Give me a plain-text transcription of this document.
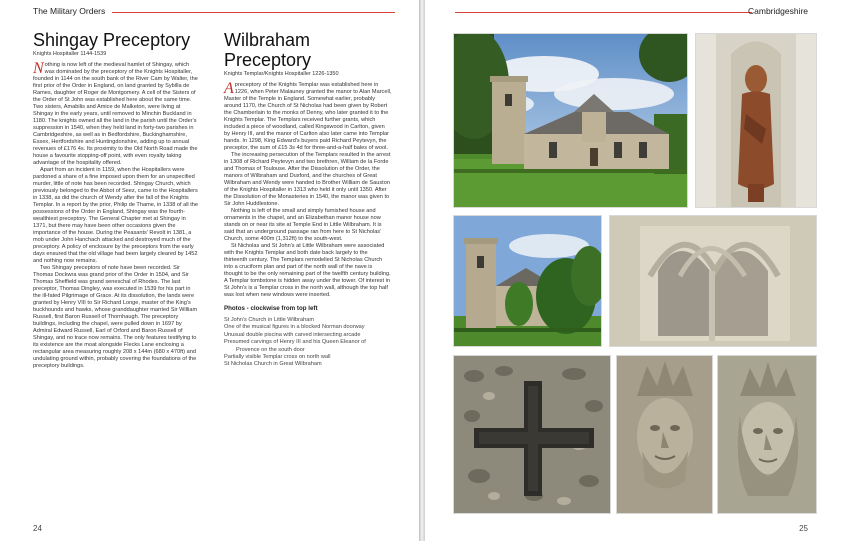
The Military Orders
Shingay Preceptory
Knights Hospitaller 1144-1539

Nothing is now left of the medieval hamlet of Shingay, which was dominated by the preceptory of the Knights Hospitaller, founded in 1144 on the south bank of the River Cam by Walter, the first prior of the Order in England, on land granted by Sybilla de Rames, daughter of Roger de Montgomery. A cell of the Sisters of the Order of St John was established here about the same time. Two sisters, Amabilis and Amice de Malketon, were living at Shingay in the early years, until removed to Minchin Buckland in 1180. The knights owned all the land in the parish until the Order's suppression in 1540, when they held land in forty-two parishes in Cambridgeshire, as well as in Bedfordshire, Buckinghamshire, Essex, Hertfordshire and Huntingdonshire, adding up to annual revenues of £176 4s. Its proximity to the Old North Road made the house a favourite stopping-off point, with even royalty taking advantage of the hospitality offered.

Apart from an incident in 1159, when the Hospitallers were pardoned a share of a fine imposed upon them for an unspecified murder, little of note has been recorded. Shingay Church, which previously belonged to the Abbot of Seez, came to the Hospitallers in 1338, as did the church of Wendy after the fall of the Knights Templar. In a report by the prior, Philip de Thame, in 1338 of all the possessions of the Order in England, Shingay was the fourth-wealthiest preceptory. The General Chapter met at Shingay in 1371, but there may have been other occasions given the importance of the house. During the Peasants' Revolt in 1381, a mob under John Hanchach attacked and destroyed much of the preceptory. A policy of enclosure by the preceptors from the early days ensured that the old village had been largely cleared by 1452 and nothing now remains.

Two Shingay preceptors of note have been recorded. Sir Thomas Dockwra was grand prior of the Order in 1504, and Sir Thomas Sheffield was grand seneschal of Rhodes. The last preceptor, Thomas Dingley, was executed in 1539 for his part in the ill-fated Pilgrimage of Grace. At its dissolution, the lands were granted by Henry VIII to Sir Richard Longe, master of the King's buckhounds and hawks, whose granddaughter married Sir William Russell, first Baron Russell of Thornhaugh. The preceptory buildings, including the chapel, were pulled down in 1697 by Admiral Edward Russell, Earl of Orford and Baron Russell of Shingay, and no trace now remains. The only features testifying to its existence are the moat alongside Flecks Lane enclosing a rectangular area measuring roughly 208 x 144m (680 x 470ft) and undulating ground within, probably covering the foundations of the preceptory buildings.

Wilbraham Preceptory
Knights Templar/Knights Hospitaller 1226-1350

A preceptory of the Knights Templar was established here in 1226, when Peter Malauney granted the manor to Alan Marcell, Master of the Temple in England. Somewhat earlier, probably around 1170, the Church of St Nicholas had been given by Robert the Chamberlain to the monks of Denny, who later granted it to the Knights Templar. The Templars received further grants, which included a piece of woodland, called Kingswood in Carlton, given by Henry III, and the manor of Carlton also later came into Templar hands. In 1298, King Edward's buyers paid Richard Peytevyn, the preceptor, the sum of £15 3s 4d for three-and-a-half bales of wool.

The increasing persecution of the Templars resulted in the arrest in 1308 of Richard Peytevyn and two brethren, William de la Forde and Thomas of Toulouse. After the Dissolution of the Order, the manors of Wilbraham and Duxford, and the churches of Great Wilbraham and Wendy were handed to Brother William de Sauston of the Knights Hospitaller in 1313 who held it only until 1350. After the Dissolution of the Monasteries in 1540, the manor was given to Sir John Huddlestone.

Nothing is left of the small and simply furnished house and ornaments in the chapel, and an Elizabethan manor house now stands on or near its site at Temple End in Little Wilbraham. It is said that an underground passage ran from here to St Nicholas' Church, some 400m (1,312ft) to the south-west.

St Nicholas and St John's at Little Wilbraham were associated with the Knights Templar and both date back largely to the thirteenth century. The Templars remodelled St Nicholas Church into a cruciform plan and part of the north wall of the nave is thought to be the only remaining part of the twelfth century building. A Templar tombstone is hidden away under the tower. Of interest in St John's is a Templar cross in the north wall, although the top half was lost when new windows were inserted.

Photos - clockwise from top left
St John's Church in Little Wilbraham
One of the musical figures in a blocked Norman doorway
Unusual double piscina with carved intersecting arcade
Presumed carvings of Henry III and his Queen Eleanor of
Provence on the south door
Partially visible Templar cross on north wall
St Nicholas Church in Great Wilbraham
24
Cambridgeshire
25
